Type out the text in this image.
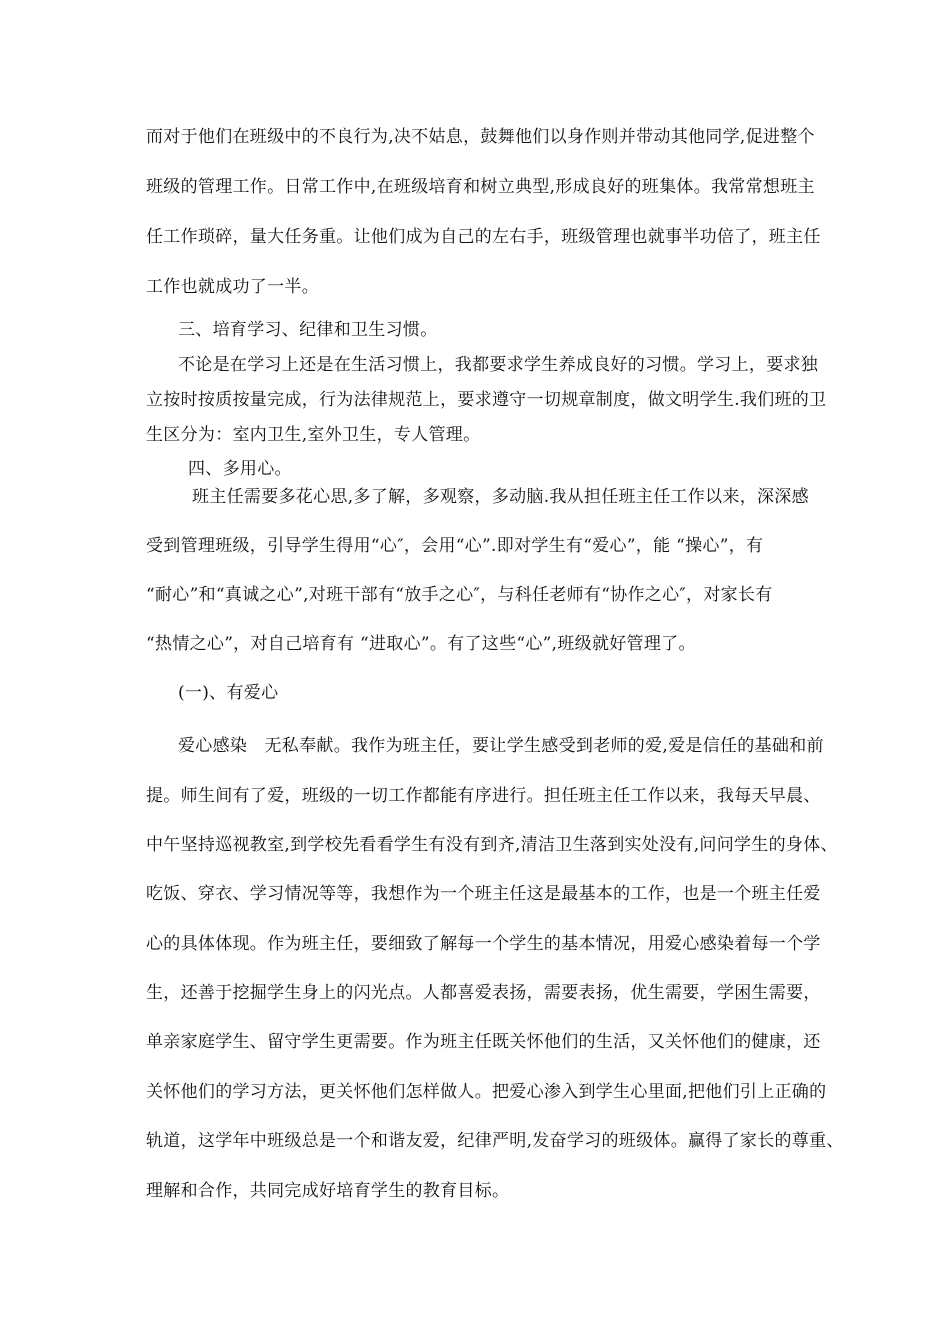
而对于他们在班级中的不良行为,决不姑息，鼓舞他们以身作则并带动其他同学,促进整个
班级的管理工作。日常工作中,在班级培育和树立典型,形成良好的班集体。我常常想班主
任工作琐碎，量大任务重。让他们成为自己的左右手，班级管理也就事半功倍了，班主任
工作也就成功了一半。
三、培育学习、纪律和卫生习惯。
不论是在学习上还是在生活习惯上，我都要求学生养成良好的习惯。学习上，要求独
立按时按质按量完成，行为法律规范上，要求遵守一切规章制度，做文明学生.我们班的卫
生区分为：室内卫生,室外卫生，专人管理。
四、多用心。
班主任需要多花心思,多了解，多观察，多动脑.我从担任班主任工作以来，深深感
受到管理班级，引导学生得用“心″，会用“心”.即对学生有“爱心”，能 “操心”，有
“耐心”和“真诚之心”,对班干部有“放手之心″，与科任老师有“协作之心″，对家长有
“热情之心”，对自己培育有 “进取心”。有了这些“心”,班级就好管理了。
(一)、有爱心
爱心感染　无私奉献。我作为班主任，要让学生感受到老师的爱,爱是信任的基础和前
提。师生间有了爱，班级的一切工作都能有序进行。担任班主任工作以来，我每天早晨、
中午坚持巡视教室,到学校先看看学生有没有到齐,清洁卫生落到实处没有,问问学生的身体、
吃饭、穿衣、学习情况等等，我想作为一个班主任这是最基本的工作，也是一个班主任爱
心的具体体现。作为班主任，要细致了解每一个学生的基本情况，用爱心感染着每一个学
生，还善于挖掘学生身上的闪光点。人都喜爱表扬，需要表扬，优生需要，学困生需要，
单亲家庭学生、留守学生更需要。作为班主任既关怀他们的生活，又关怀他们的健康，还
关怀他们的学习方法，更关怀他们怎样做人。把爱心渗入到学生心里面,把他们引上正确的
轨道，这学年中班级总是一个和谐友爱，纪律严明,发奋学习的班级体。赢得了家长的尊重、
理解和合作，共同完成好培育学生的教育目标。
